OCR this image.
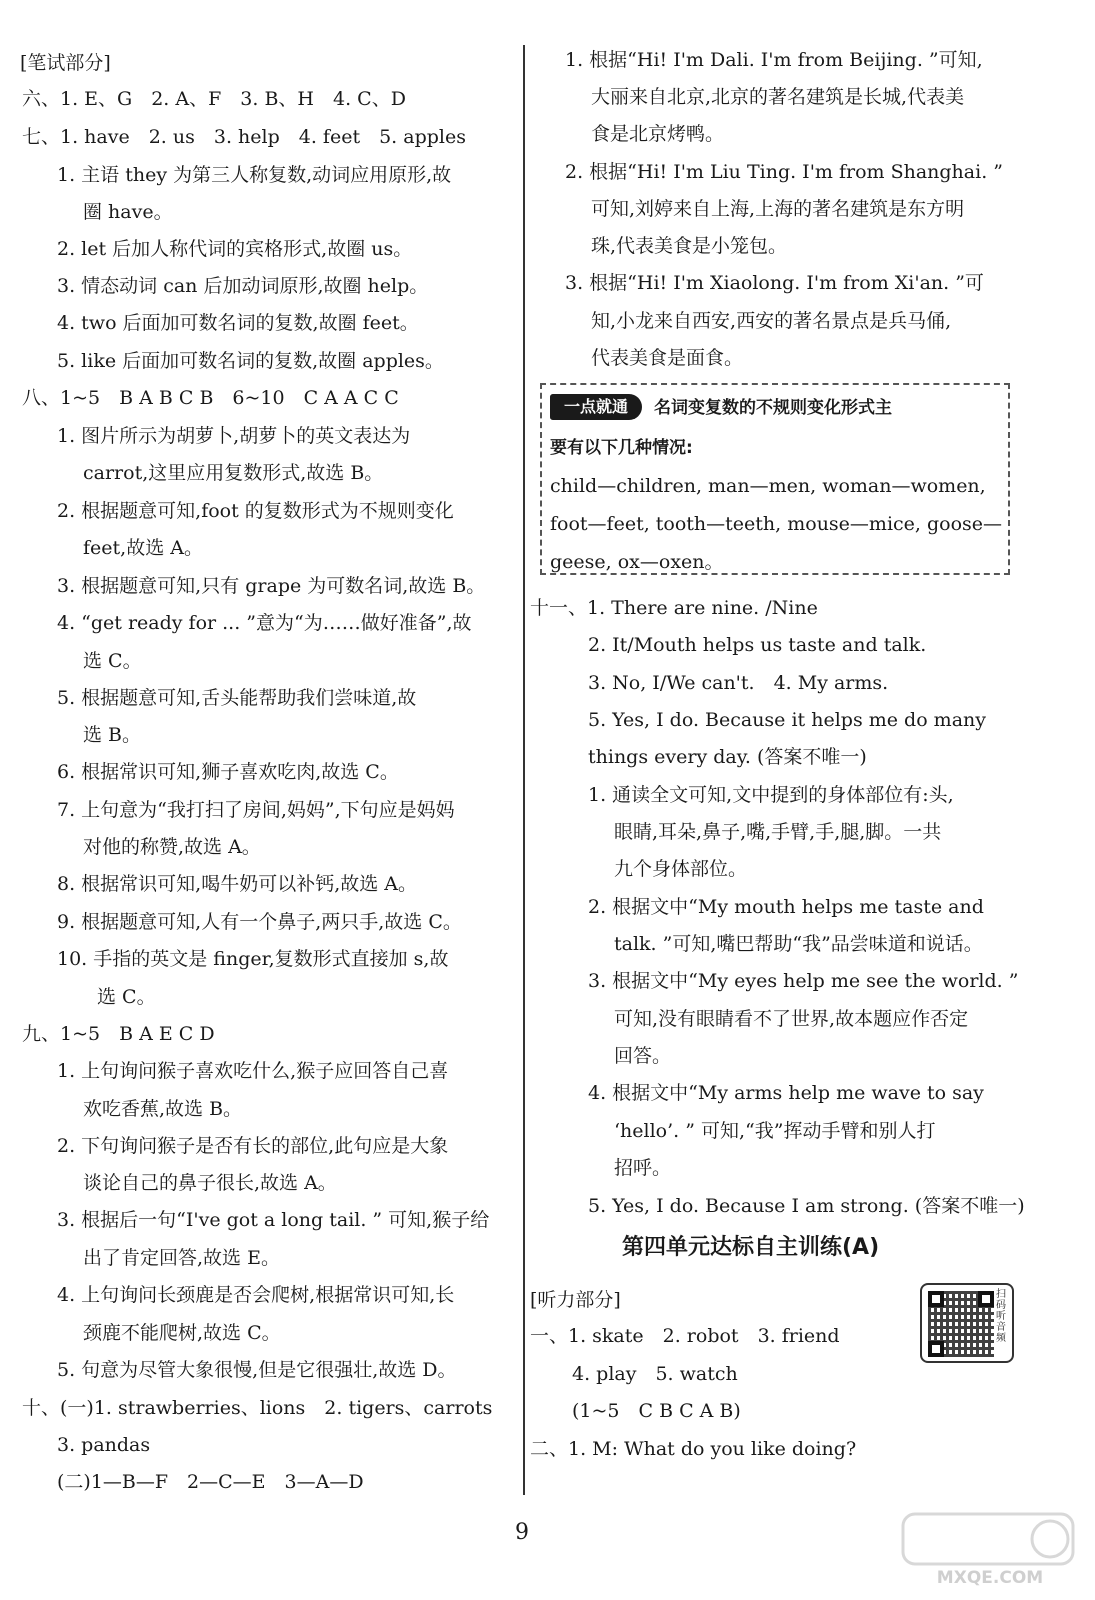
[笔试部分]
六、1. E、G　2. A、F　3. B、H　4. C、D
七、1. have　2. us　3. help　4. feet　5. apples
1. 主语 they 为第三人称复数,动词应用原形,故
圈 have。
2. let 后加人称代词的宾格形式,故圈 us。
3. 情态动词 can 后加动词原形,故圈 help。
4. two 后面加可数名词的复数,故圈 feet。
5. like 后面加可数名词的复数,故圈 apples。
八、1~5　B A B C B　6~10　C A A C C
1. 图片所示为胡萝卜,胡萝卜的英文表达为
carrot,这里应用复数形式,故选 B。
2. 根据题意可知,foot 的复数形式为不规则变化
feet,故选 A。
3. 根据题意可知,只有 grape 为可数名词,故选 B。
4. “get ready for ... ”意为“为……做好准备”,故
选 C。
5. 根据题意可知,舌头能帮助我们尝味道,故
选 B。
6. 根据常识可知,狮子喜欢吃肉,故选 C。
7. 上句意为“我打扫了房间,妈妈”,下句应是妈妈
对他的称赞,故选 A。
8. 根据常识可知,喝牛奶可以补钙,故选 A。
9. 根据题意可知,人有一个鼻子,两只手,故选 C。
10. 手指的英文是 finger,复数形式直接加 s,故
选 C。
九、1~5　B A E C D
1. 上句询问猴子喜欢吃什么,猴子应回答自己喜
欢吃香蕉,故选 B。
2. 下句询问猴子是否有长的部位,此句应是大象
谈论自己的鼻子很长,故选 A。
3. 根据后一句“I've got a long tail. ” 可知,猴子给
出了肯定回答,故选 E。
4. 上句询问长颈鹿是否会爬树,根据常识可知,长
颈鹿不能爬树,故选 C。
5. 句意为尽管大象很慢,但是它很强壮,故选 D。
十、(一)1. strawberries、lions　2. tigers、carrots
3. pandas
(二)1—B—F　2—C—E　3—A—D
1. 根据“Hi! I'm Dali. I'm from Beijing. ”可知,
大丽来自北京,北京的著名建筑是长城,代表美
食是北京烤鸭。
2. 根据“Hi! I'm Liu Ting. I'm from Shanghai. ”
可知,刘婷来自上海,上海的著名建筑是东方明
珠,代表美食是小笼包。
3. 根据“Hi! I'm Xiaolong. I'm from Xi'an. ”可
知,小龙来自西安,西安的著名景点是兵马俑,
代表美食是面食。
十一、1. There are nine. /Nine
2. It/Mouth helps us taste and talk.
3. No, I/We can't.　4. My arms.
5. Yes, I do. Because it helps me do many
things every day. (答案不唯一)
1. 通读全文可知,文中提到的身体部位有:头,
眼睛,耳朵,鼻子,嘴,手臂,手,腿,脚。一共
九个身体部位。
2. 根据文中“My mouth helps me taste and
talk. ”可知,嘴巴帮助“我”品尝味道和说话。
3. 根据文中“My eyes help me see the world. ”
可知,没有眼睛看不了世界,故本题应作否定
回答。
4. 根据文中“My arms help me wave to say
‘hello’. ” 可知,“我”挥动手臂和别人打
招呼。
5. Yes, I do. Because I am strong. (答案不唯一)
[听力部分]
一、1. skate　2. robot　3. friend
4. play　5. watch
(1~5　C B C A B)
二、1. M: What do you like doing?
一点就通	名词变复数的不规则变化形式主
要有以下几种情况:
child—children, man—men, woman—women,
foot—feet, tooth—teeth, mouse—mice, goose—
geese, ox—oxen。
第四单元达标自主训练(A)
扫码听音频
9
MXQE.COM
